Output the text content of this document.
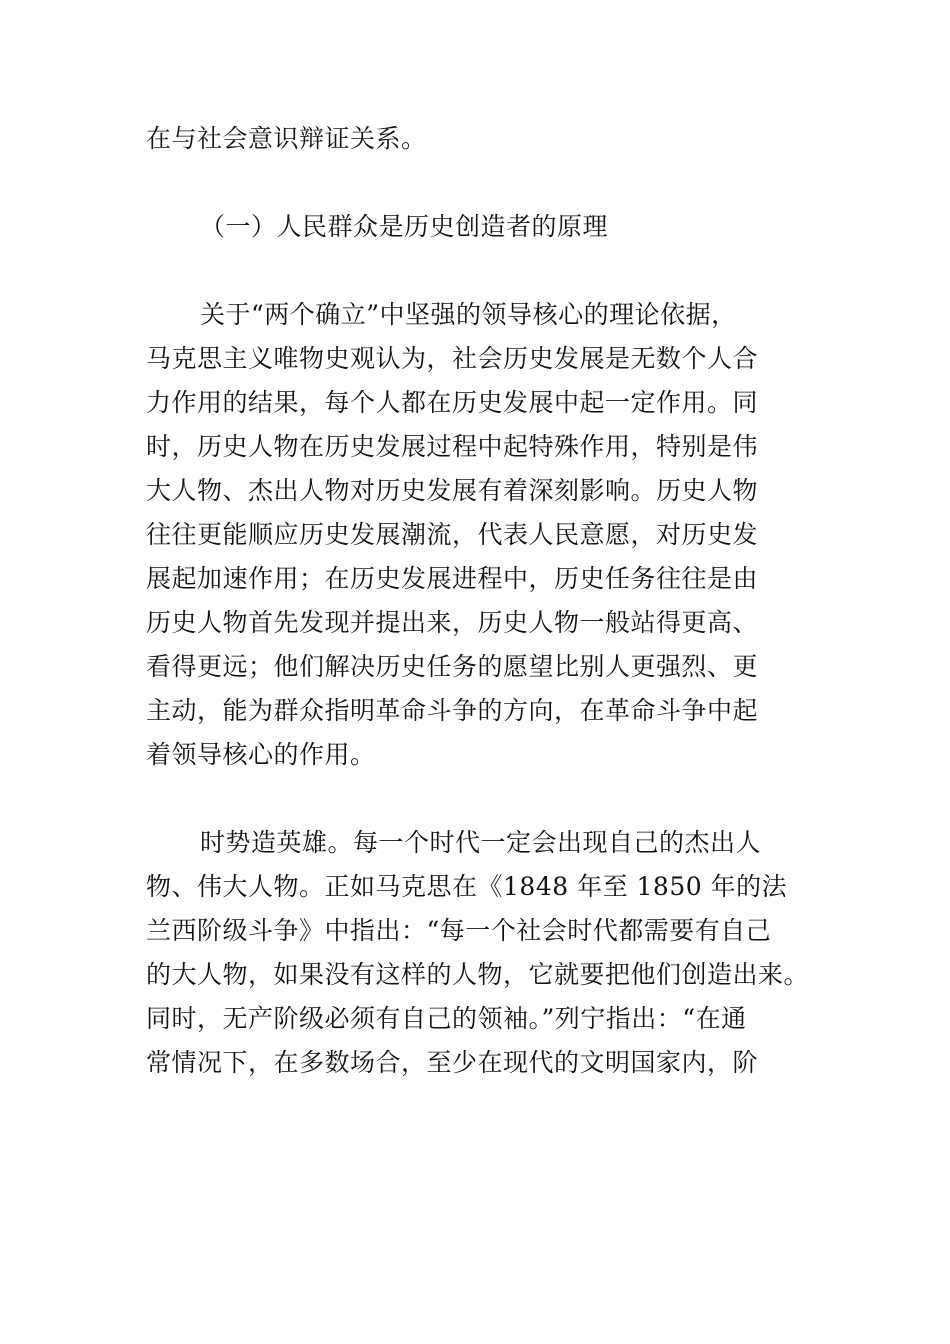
在与社会意识辩证关系。
（一）人民群众是历史创造者的原理
关于“两个确立”中坚强的领导核心的理论依据，
马克思主义唯物史观认为，社会历史发展是无数个人合
力作用的结果，每个人都在历史发展中起一定作用。同
时，历史人物在历史发展过程中起特殊作用，特别是伟
大人物、杰出人物对历史发展有着深刻影响。历史人物
往往更能顺应历史发展潮流，代表人民意愿，对历史发
展起加速作用；在历史发展进程中，历史任务往往是由
历史人物首先发现并提出来，历史人物一般站得更高、
看得更远；他们解决历史任务的愿望比别人更强烈、更
主动，能为群众指明革命斗争的方向，在革命斗争中起
着领导核心的作用。
时势造英雄。每一个时代一定会出现自己的杰出人
物、伟大人物。正如马克思在《1848 年至 1850 年的法
兰西阶级斗争》中指出：“每一个社会时代都需要有自己
的大人物，如果没有这样的人物，它就要把他们创造出来。
同时，无产阶级必须有自己的领袖。”列宁指出：“在通
常情况下，在多数场合，至少在现代的文明国家内，阶
